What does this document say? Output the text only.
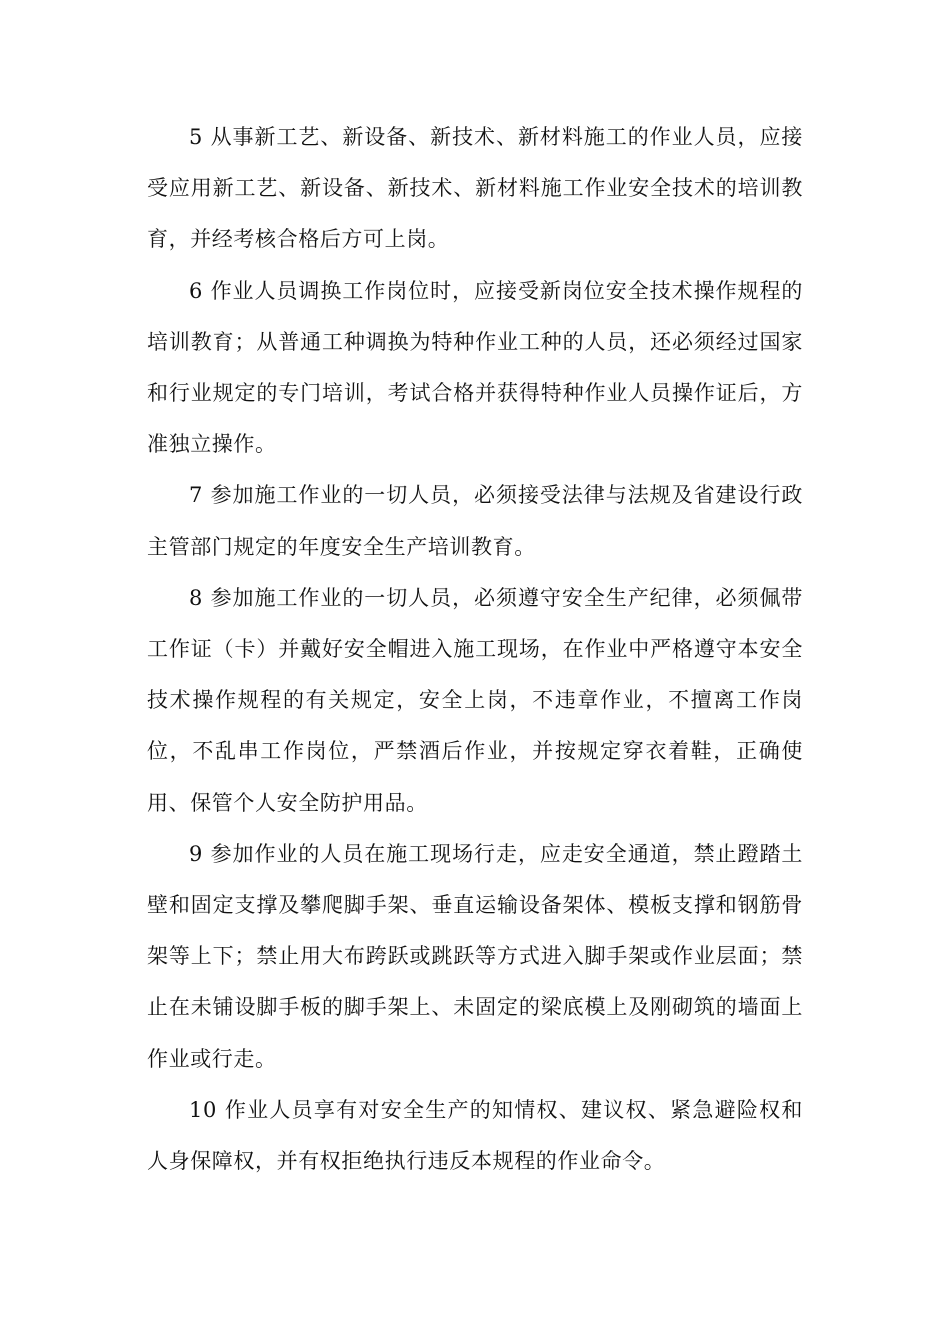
5 从事新工艺、新设备、新技术、新材料施工的作业人员，应接受应用新工艺、新设备、新技术、新材料施工作业安全技术的培训教育，并经考核合格后方可上岗。

6 作业人员调换工作岗位时，应接受新岗位安全技术操作规程的培训教育；从普通工种调换为特种作业工种的人员，还必须经过国家和行业规定的专门培训，考试合格并获得特种作业人员操作证后，方准独立操作。

7 参加施工作业的一切人员，必须接受法律与法规及省建设行政主管部门规定的年度安全生产培训教育。

8 参加施工作业的一切人员，必须遵守安全生产纪律，必须佩带工作证（卡）并戴好安全帽进入施工现场，在作业中严格遵守本安全技术操作规程的有关规定，安全上岗，不违章作业，不擅离工作岗位，不乱串工作岗位，严禁酒后作业，并按规定穿衣着鞋，正确使用、保管个人安全防护用品。

9 参加作业的人员在施工现场行走，应走安全通道，禁止蹬踏土壁和固定支撑及攀爬脚手架、垂直运输设备架体、模板支撑和钢筋骨架等上下；禁止用大布跨跃或跳跃等方式进入脚手架或作业层面；禁止在未铺设脚手板的脚手架上、未固定的梁底模上及刚砌筑的墙面上作业或行走。

10 作业人员享有对安全生产的知情权、建议权、紧急避险权和人身保障权，并有权拒绝执行违反本规程的作业命令。
